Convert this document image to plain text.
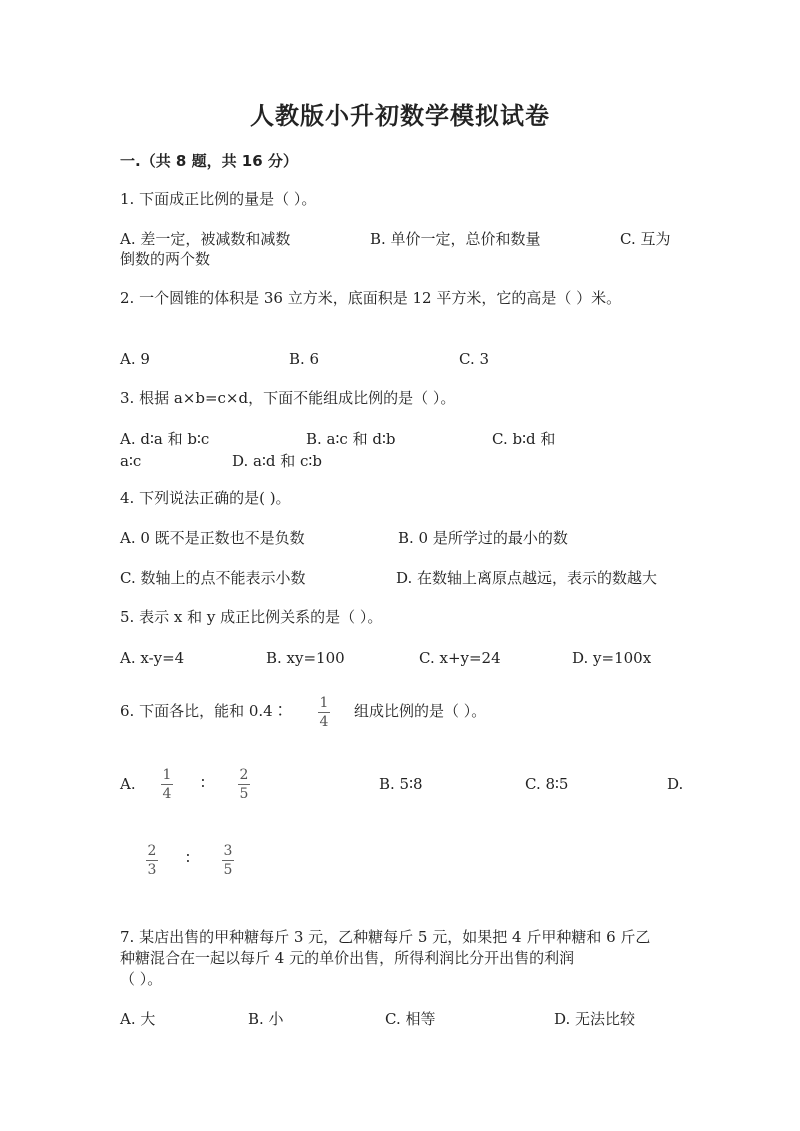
人教版小升初数学模拟试卷
一.（共 8 题，共 16 分）
1. 下面成正比例的量是（ ）。
A. 差一定，被减数和减数	B. 单价一定，总价和数量	C. 互为
倒数的两个数
2. 一个圆锥的体积是 36 立方米，底面积是 12 平方米，它的高是（ ）米。
A. 9	B. 6	C. 3
3. 根据 a×b=c×d，下面不能组成比例的是（ ）。
A. d∶a 和 b∶c	B. a∶c 和 d∶b	C. b∶d 和
a∶c	D. a∶d 和 c∶b
4. 下列说法正确的是( )。
A. 0 既不是正数也不是负数	B. 0 是所学过的最小的数
C. 数轴上的点不能表示小数	D. 在数轴上离原点越远，表示的数越大
5. 表示 x 和 y 成正比例关系的是（ ）。
A. x-y=4	B. xy=100	C. x+y=24	D. y=100x
6. 下面各比，能和 0.4∶ 1
4
组成比例的是（ ）。
A. 1
4
∶ 2
5
B. 5∶8	C. 8∶5	D.
2
3
∶ 3
5
7. 某店出售的甲种糖每斤 3 元，乙种糖每斤 5 元，如果把 4 斤甲种糖和 6 斤乙
种糖混合在一起以每斤 4 元的单价出售，所得利润比分开出售的利润
（ ）。
A. 大	B. 小	C. 相等	D. 无法比较
